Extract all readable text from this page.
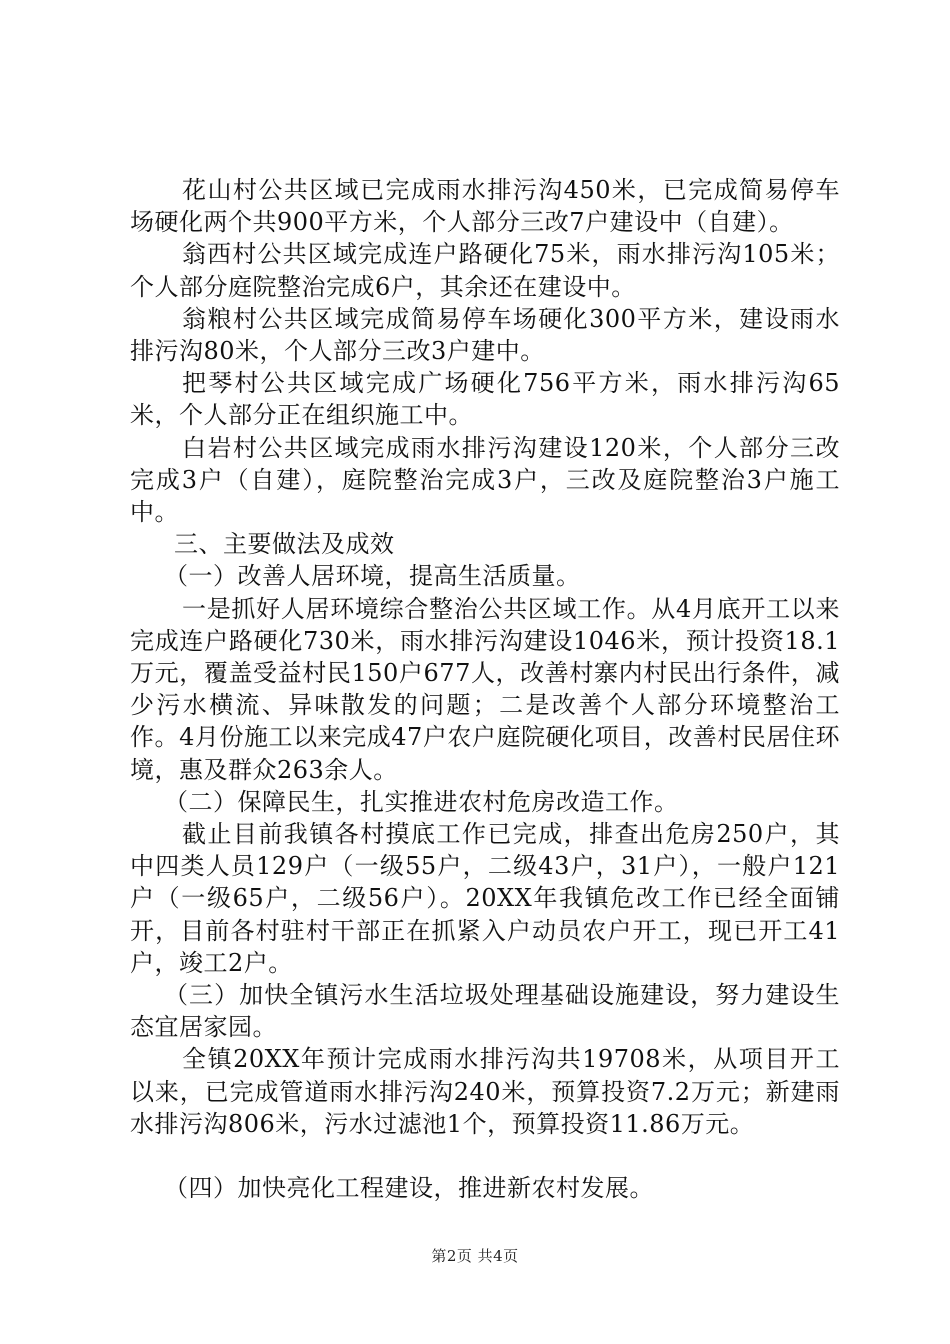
花山村公共区域已完成雨水排污沟450米，已完成简易停车场硬化两个共900平方米，个人部分三改7户建设中（自建）。

翁西村公共区域完成连户路硬化75米，雨水排污沟105米；个人部分庭院整治完成6户，其余还在建设中。

翁粮村公共区域完成简易停车场硬化300平方米，建设雨水排污沟80米，个人部分三改3户建中。

把琴村公共区域完成广场硬化756平方米，雨水排污沟65米，个人部分正在组织施工中。

白岩村公共区域完成雨水排污沟建设120米，个人部分三改完成3户（自建），庭院整治完成3户，三改及庭院整治3户施工中。

三、主要做法及成效

（一）改善人居环境，提高生活质量。

一是抓好人居环境综合整治公共区域工作。从4月底开工以来完成连户路硬化730米，雨水排污沟建设1046米，预计投资18.1万元，覆盖受益村民150户677人，改善村寨内村民出行条件，减少污水横流、异味散发的问题；二是改善个人部分环境整治工作。4月份施工以来完成47户农户庭院硬化项目，改善村民居住环境，惠及群众263余人。

（二）保障民生，扎实推进农村危房改造工作。

截止目前我镇各村摸底工作已完成，排查出危房250户，其中四类人员129户（一级55户，二级43户，31户），一般户121户（一级65户，二级56户）。20XX年我镇危改工作已经全面铺开，目前各村驻村干部正在抓紧入户动员农户开工，现已开工41户，竣工2户。

（三）加快全镇污水生活垃圾处理基础设施建设，努力建设生态宜居家园。

全镇20XX年预计完成雨水排污沟共19708米，从项目开工以来，已完成管道雨水排污沟240米，预算投资7.2万元；新建雨水排污沟806米，污水过滤池1个，预算投资11.86万元。

（四）加快亮化工程建设，推进新农村发展。

第2页 共4页
